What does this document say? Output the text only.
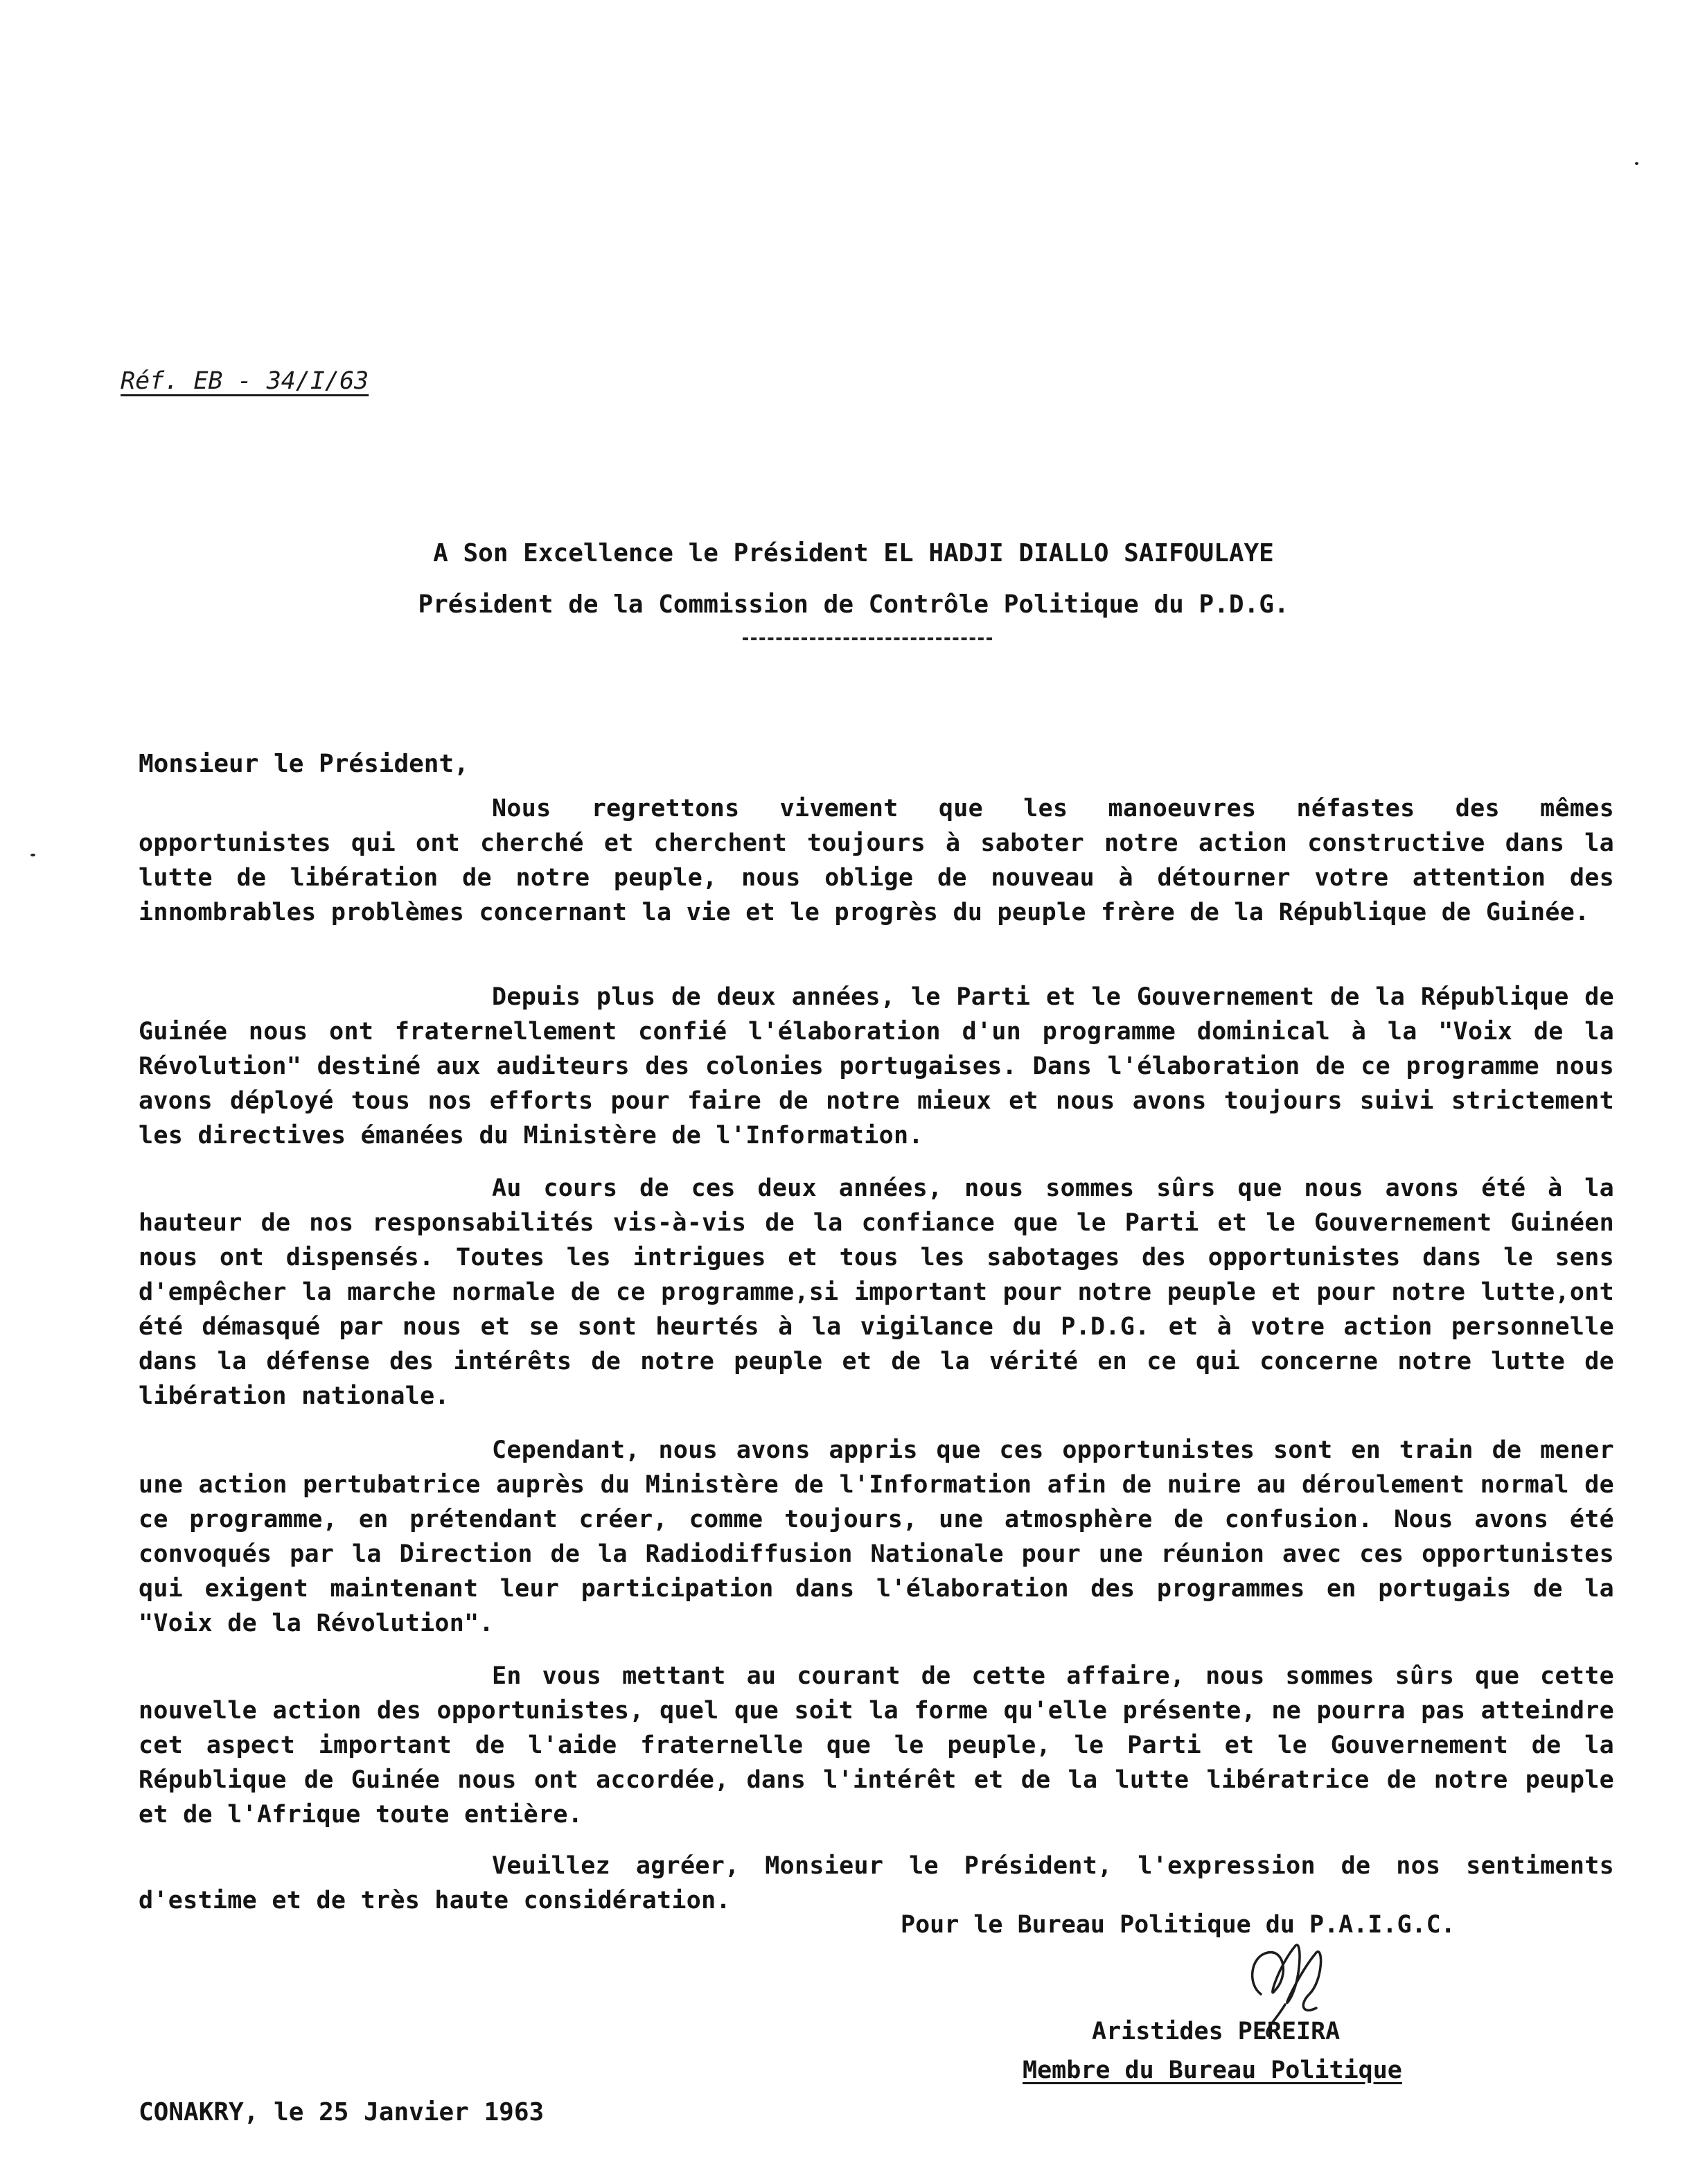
Réf. EB - 34/I/63
A Son Excellence le Président EL HADJI DIALLO SAIFOULAYE
Président de la Commission de Contrôle Politique du P.D.G.
Monsieur le Président,

Nous regrettons vivement que les manoeuvres néfastes des mêmes opportunistes qui ont cherché et cherchent toujours à saboter notre action constructive dans la lutte de libération de notre peuple, nous oblige de nouveau à détourner votre attention des innombrables problèmes concernant la vie et le progrès du peuple frère de la République de Guinée.

Depuis plus de deux années, le Parti et le Gouvernement de la République de Guinée nous ont fraternellement confié l'élaboration d'un programme dominical à la "Voix de la Révolution" destiné aux auditeurs des colonies portugaises. Dans l'élaboration de ce programme nous avons déployé tous nos efforts pour faire de notre mieux et nous avons toujours suivi strictement les directives émanées du Ministère de l'Information.

Au cours de ces deux années, nous sommes sûrs que nous avons été à la hauteur de nos responsabilités vis-à-vis de la confiance que le Parti et le Gouvernement Guinéen nous ont dispensés. Toutes les intrigues et tous les sabotages des opportunistes dans le sens d'empêcher la marche normale de ce programme,si important pour notre peuple et pour notre lutte,ont été démasqué par nous et se sont heurtés à la vigilance du P.D.G. et à votre action personnelle dans la défense des intérêts de notre peuple et de la vérité en ce qui concerne notre lutte de libération nationale.

Cependant, nous avons appris que ces opportunistes sont en train de mener une action pertubatrice auprès du Ministère de l'Information afin de nuire au déroulement normal de ce programme, en prétendant créer, comme toujours, une atmosphère de confusion. Nous avons été convoqués par la Direction de la Radiodiffusion Nationale pour une réunion avec ces opportunistes qui exigent maintenant leur participation dans l'élaboration des programmes en portugais de la "Voix de la Révolution".

En vous mettant au courant de cette affaire, nous sommes sûrs que cette nouvelle action des opportunistes, quel que soit la forme qu'elle présente, ne pourra pas atteindre cet aspect important de l'aide fraternelle que le peuple, le Parti et le Gouvernement de la République de Guinée nous ont accordée, dans l'intérêt et de la lutte libératrice de notre peuple et de l'Afrique toute entière.

Veuillez agréer, Monsieur le Président, l'expression de nos sentiments d'estime et de très haute considération.

Pour le Bureau Politique du P.A.I.G.C.
Aristides PEREIRA
Membre du Bureau Politique
CONAKRY, le 25 Janvier 1963
